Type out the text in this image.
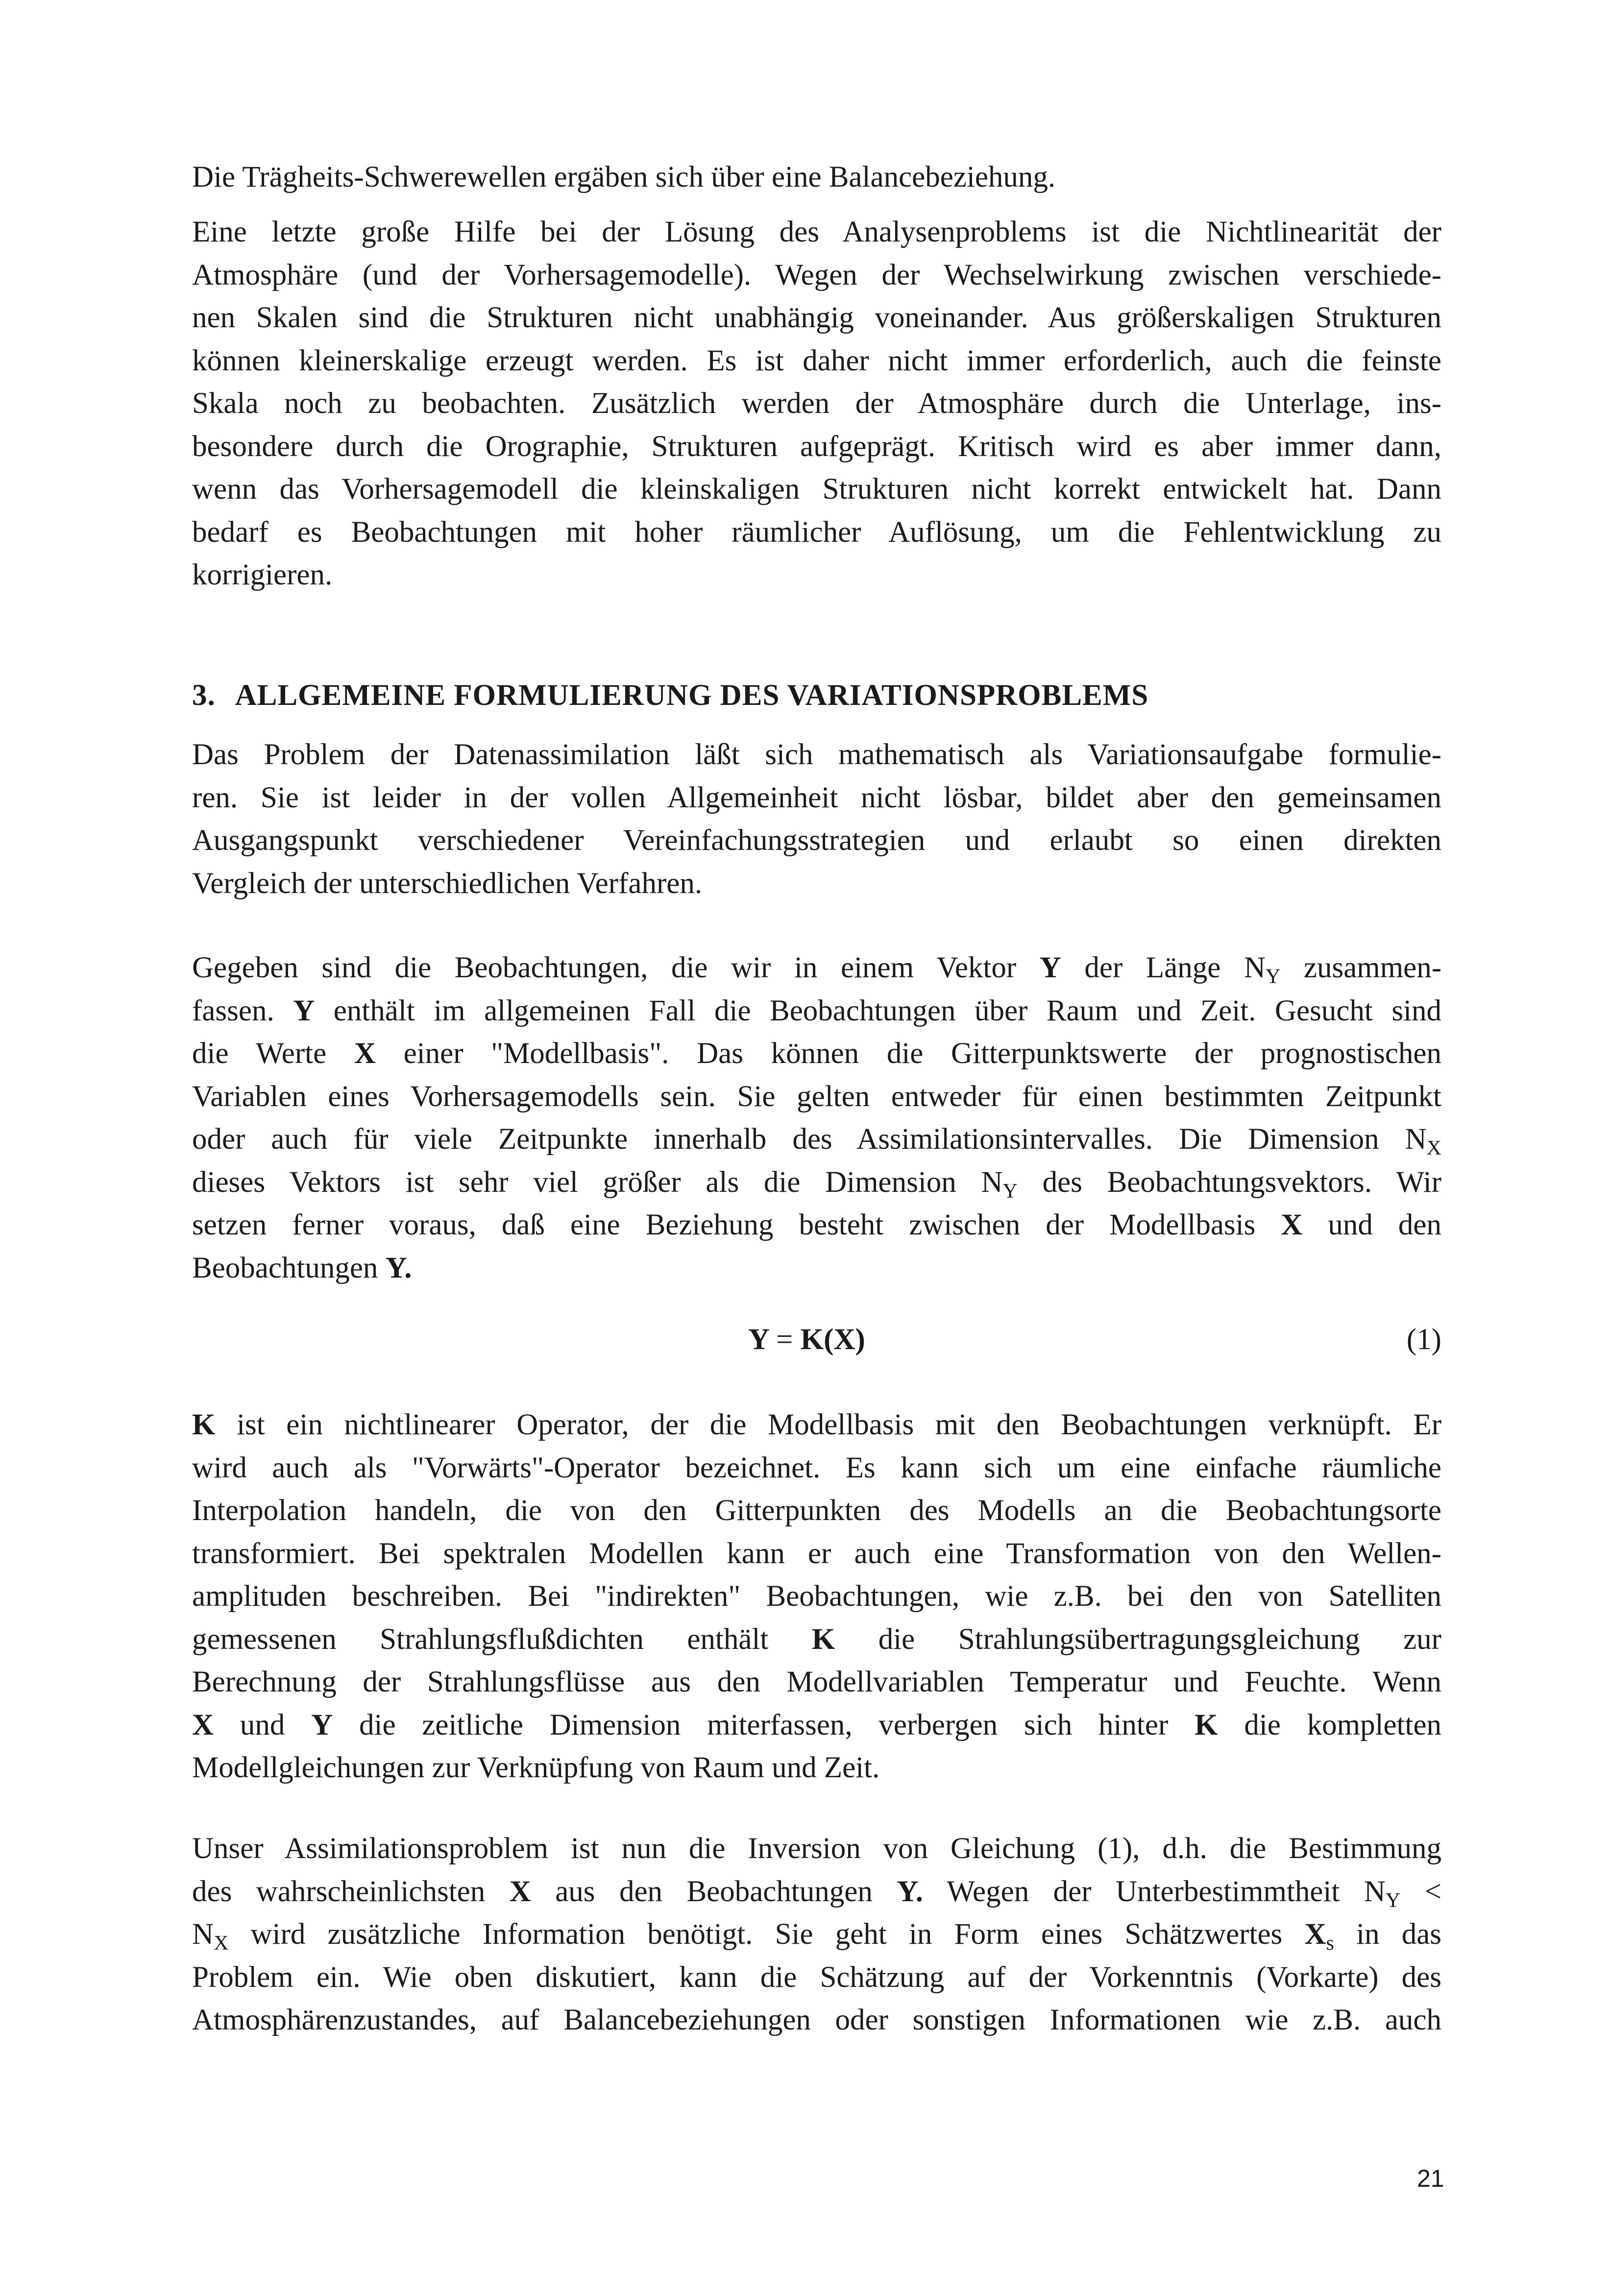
Die Trägheits-Schwerewellen ergäben sich über eine Balancebeziehung.
Eine letzte große Hilfe bei der Lösung des Analysenproblems ist die Nichtlinearität der
Atmosphäre (und der Vorhersagemodelle). Wegen der Wechselwirkung zwischen verschiede-
nen Skalen sind die Strukturen nicht unabhängig voneinander. Aus größerskaligen Strukturen
können kleinerskalige erzeugt werden. Es ist daher nicht immer erforderlich, auch die feinste
Skala noch zu beobachten. Zusätzlich werden der Atmosphäre durch die Unterlage, ins-
besondere durch die Orographie, Strukturen aufgeprägt. Kritisch wird es aber immer dann,
wenn das Vorhersagemodell die kleinskaligen Strukturen nicht korrekt entwickelt hat. Dann
bedarf es Beobachtungen mit hoher räumlicher Auflösung, um die Fehlentwicklung zu
korrigieren.
3. ALLGEMEINE FORMULIERUNG DES VARIATIONSPROBLEMS
Das Problem der Datenassimilation läßt sich mathematisch als Variationsaufgabe formulie-
ren. Sie ist leider in der vollen Allgemeinheit nicht lösbar, bildet aber den gemeinsamen
Ausgangspunkt verschiedener Vereinfachungsstrategien und erlaubt so einen direkten
Vergleich der unterschiedlichen Verfahren.
Gegeben sind die Beobachtungen, die wir in einem Vektor Y der Länge $N_Y$ zusammen-
fassen. Y enthält im allgemeinen Fall die Beobachtungen über Raum und Zeit. Gesucht sind
die Werte X einer "Modellbasis". Das können die Gitterpunktswerte der prognostischen
Variablen eines Vorhersagemodells sein. Sie gelten entweder für einen bestimmten Zeitpunkt
oder auch für viele Zeitpunkte innerhalb des Assimilationsintervalles. Die Dimension $N_X$
dieses Vektors ist sehr viel größer als die Dimension $N_Y$ des Beobachtungsvektors. Wir
setzen ferner voraus, daß eine Beziehung besteht zwischen der Modellbasis X und den
Beobachtungen Y.
Y = K(X)	(1)
K ist ein nichtlinearer Operator, der die Modellbasis mit den Beobachtungen verknüpft. Er
wird auch als "Vorwärts"-Operator bezeichnet. Es kann sich um eine einfache räumliche
Interpolation handeln, die von den Gitterpunkten des Modells an die Beobachtungsorte
transformiert. Bei spektralen Modellen kann er auch eine Transformation von den Wellen-
amplituden beschreiben. Bei "indirekten" Beobachtungen, wie z.B. bei den von Satelliten
gemessenen Strahlungsflußdichten enthält K die Strahlungsübertragungsgleichung zur
Berechnung der Strahlungsflüsse aus den Modellvariablen Temperatur und Feuchte. Wenn
X und Y die zeitliche Dimension miterfassen, verbergen sich hinter K die kompletten
Modellgleichungen zur Verknüpfung von Raum und Zeit.
Unser Assimilationsproblem ist nun die Inversion von Gleichung (1), d.h. die Bestimmung
des wahrscheinlichsten X aus den Beobachtungen Y. Wegen der Unterbestimmtheit $N_Y$ <
$N_X$ wird zusätzliche Information benötigt. Sie geht in Form eines Schätzwertes $X_s$ in das
Problem ein. Wie oben diskutiert, kann die Schätzung auf der Vorkenntnis (Vorkarte) des
Atmosphärenzustandes, auf Balancebeziehungen oder sonstigen Informationen wie z.B. auch
21
